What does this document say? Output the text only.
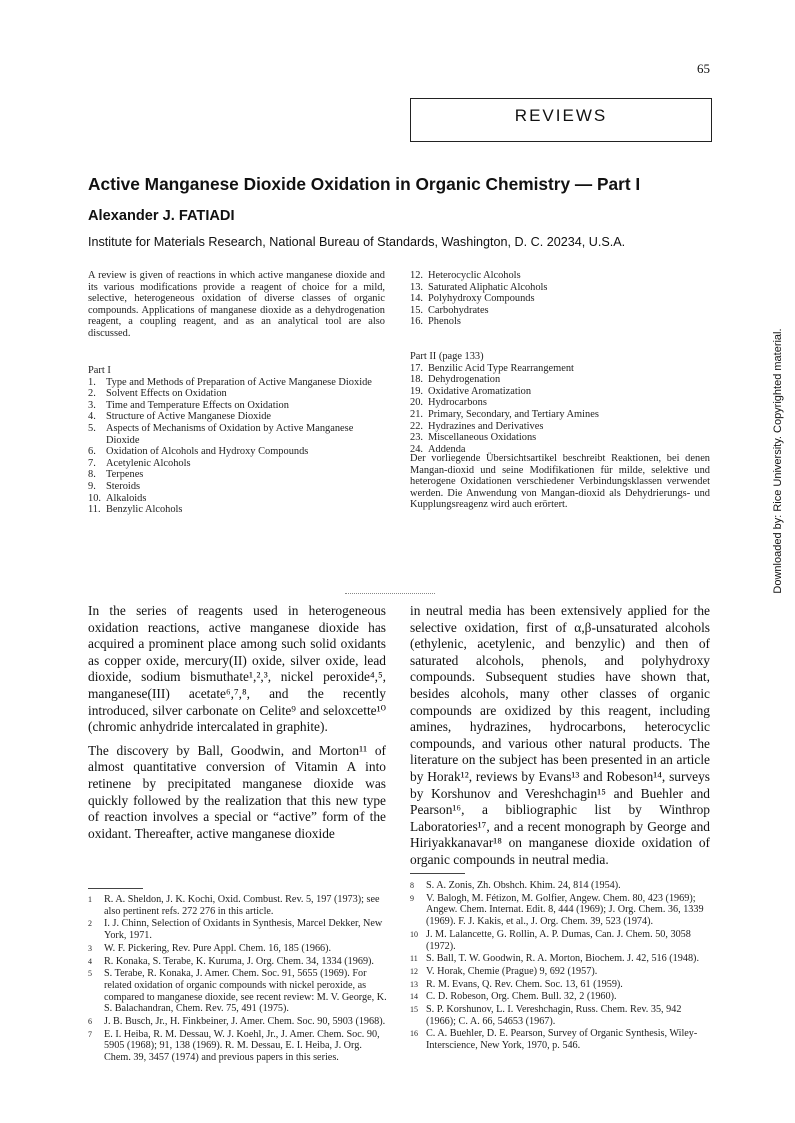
65
REVIEWS
Active Manganese Dioxide Oxidation in Organic Chemistry — Part I
Alexander J. FATIADI
Institute for Materials Research, National Bureau of Standards, Washington, D. C. 20234, U.S.A.
A review is given of reactions in which active manganese dioxide and its various modifications provide a reagent of choice for a mild, selective, heterogeneous oxidation of diverse classes of organic compounds. Applications of manganese dioxide as a dehydrogenation reagent, a coupling reagent, and as an analytical tool are also discussed.
Part I
1. Type and Methods of Preparation of Active Manganese Dioxide
2. Solvent Effects on Oxidation
3. Time and Temperature Effects on Oxidation
4. Structure of Active Manganese Dioxide
5. Aspects of Mechanisms of Oxidation by Active Manganese Dioxide
6. Oxidation of Alcohols and Hydroxy Compounds
7. Acetylenic Alcohols
8. Terpenes
9. Steroids
10. Alkaloids
11. Benzylic Alcohols
12. Heterocyclic Alcohols
13. Saturated Aliphatic Alcohols
14. Polyhydroxy Compounds
15. Carbohydrates
16. Phenols
Part II (page 133)
17. Benzilic Acid Type Rearrangement
18. Dehydrogenation
19. Oxidative Aromatization
20. Hydrocarbons
21. Primary, Secondary, and Tertiary Amines
22. Hydrazines and Derivatives
23. Miscellaneous Oxidations
24. Addenda
Der vorliegende Übersichtsartikel beschreibt Reaktionen, bei denen Mangan-dioxid und seine Modifikationen für milde, selektive und heterogene Oxidationen verschiedener Verbindungsklassen verwendet werden. Die Anwendung von Mangan-dioxid als Dehydrierungs- und Kupplungsreagenz wird auch erörtert.

In the series of reagents used in heterogeneous oxidation reactions, active manganese dioxide has acquired a prominent place among such solid oxidants as copper oxide, mercury(II) oxide, silver oxide, lead dioxide, sodium bismuthate¹,²,³, nickel peroxide⁴,⁵, manganese(III) acetate⁶,⁷,⁸, and the recently introduced, silver carbonate on Celite⁹ and seloxcette¹⁰ (chromic anhydride intercalated in graphite).

The discovery by Ball, Goodwin, and Morton¹¹ of almost quantitative conversion of Vitamin A into retinene by precipitated manganese dioxide was quickly followed by the realization that this new type of reaction involves a special or “active” form of the oxidant. Thereafter, active manganese dioxide

in neutral media has been extensively applied for the selective oxidation, first of α,β-unsaturated alcohols (ethylenic, acetylenic, and benzylic) and then of saturated alcohols, phenols, and polyhydroxy compounds. Subsequent studies have shown that, besides alcohols, many other classes of organic compounds are oxidized by this reagent, including amines, hydrazines, hydrocarbons, heterocyclic compounds, and various other natural products. The literature on the subject has been presented in an article by Horak¹², reviews by Evans¹³ and Robeson¹⁴, surveys by Korshunov and Vereshchagin¹⁵ and Buehler and Pearson¹⁶, a bibliographic list by Winthrop Laboratories¹⁷, and a recent monograph by George and Hiriyakkanavar¹⁸ on manganese dioxide oxidation of organic compounds in neutral media.

1	R. A. Sheldon, J. K. Kochi, Oxid. Combust. Rev. 5, 197 (1973); see also pertinent refs. 272 276 in this article.
2	I. J. Chinn, Selection of Oxidants in Synthesis, Marcel Dekker, New York, 1971.
3	W. F. Pickering, Rev. Pure Appl. Chem. 16, 185 (1966).
4	R. Konaka, S. Terabe, K. Kuruma, J. Org. Chem. 34, 1334 (1969).
5	S. Terabe, R. Konaka, J. Amer. Chem. Soc. 91, 5655 (1969). For related oxidation of organic compounds with nickel peroxide, as compared to manganese dioxide, see recent review: M. V. George, K. S. Balachandran, Chem. Rev. 75, 491 (1975).
6	J. B. Busch, Jr., H. Finkbeiner, J. Amer. Chem. Soc. 90, 5903 (1968).
7	E. I. Heiba, R. M. Dessau, W. J. Koehl, Jr., J. Amer. Chem. Soc. 90, 5905 (1968); 91, 138 (1969). R. M. Dessau, E. I. Heiba, J. Org. Chem. 39, 3457 (1974) and previous papers in this series.
8	S. A. Zonis, Zh. Obshch. Khim. 24, 814 (1954).
9	V. Balogh, M. Fétizon, M. Golfier, Angew. Chem. 80, 423 (1969); Angew. Chem. Internat. Edit. 8, 444 (1969); J. Org. Chem. 36, 1339 (1969). F. J. Kakis, et al., J. Org. Chem. 39, 523 (1974).
10 J. M. Lalancette, G. Rollin, A. P. Dumas, Can. J. Chem. 50, 3058 (1972).
11 S. Ball, T. W. Goodwin, R. A. Morton, Biochem. J. 42, 516 (1948).
12 V. Horak, Chemie (Prague) 9, 692 (1957).
13 R. M. Evans, Q. Rev. Chem. Soc. 13, 61 (1959).
14 C. D. Robeson, Org. Chem. Bull. 32, 2 (1960).
15 S. P. Korshunov, L. I. Vereshchagin, Russ. Chem. Rev. 35, 942 (1966); C. A. 66, 54653 (1967).
16 C. A. Buehler, D. E. Pearson, Survey of Organic Synthesis, Wiley-Interscience, New York, 1970, p. 546.
Downloaded by: Rice University. Copyrighted material.
